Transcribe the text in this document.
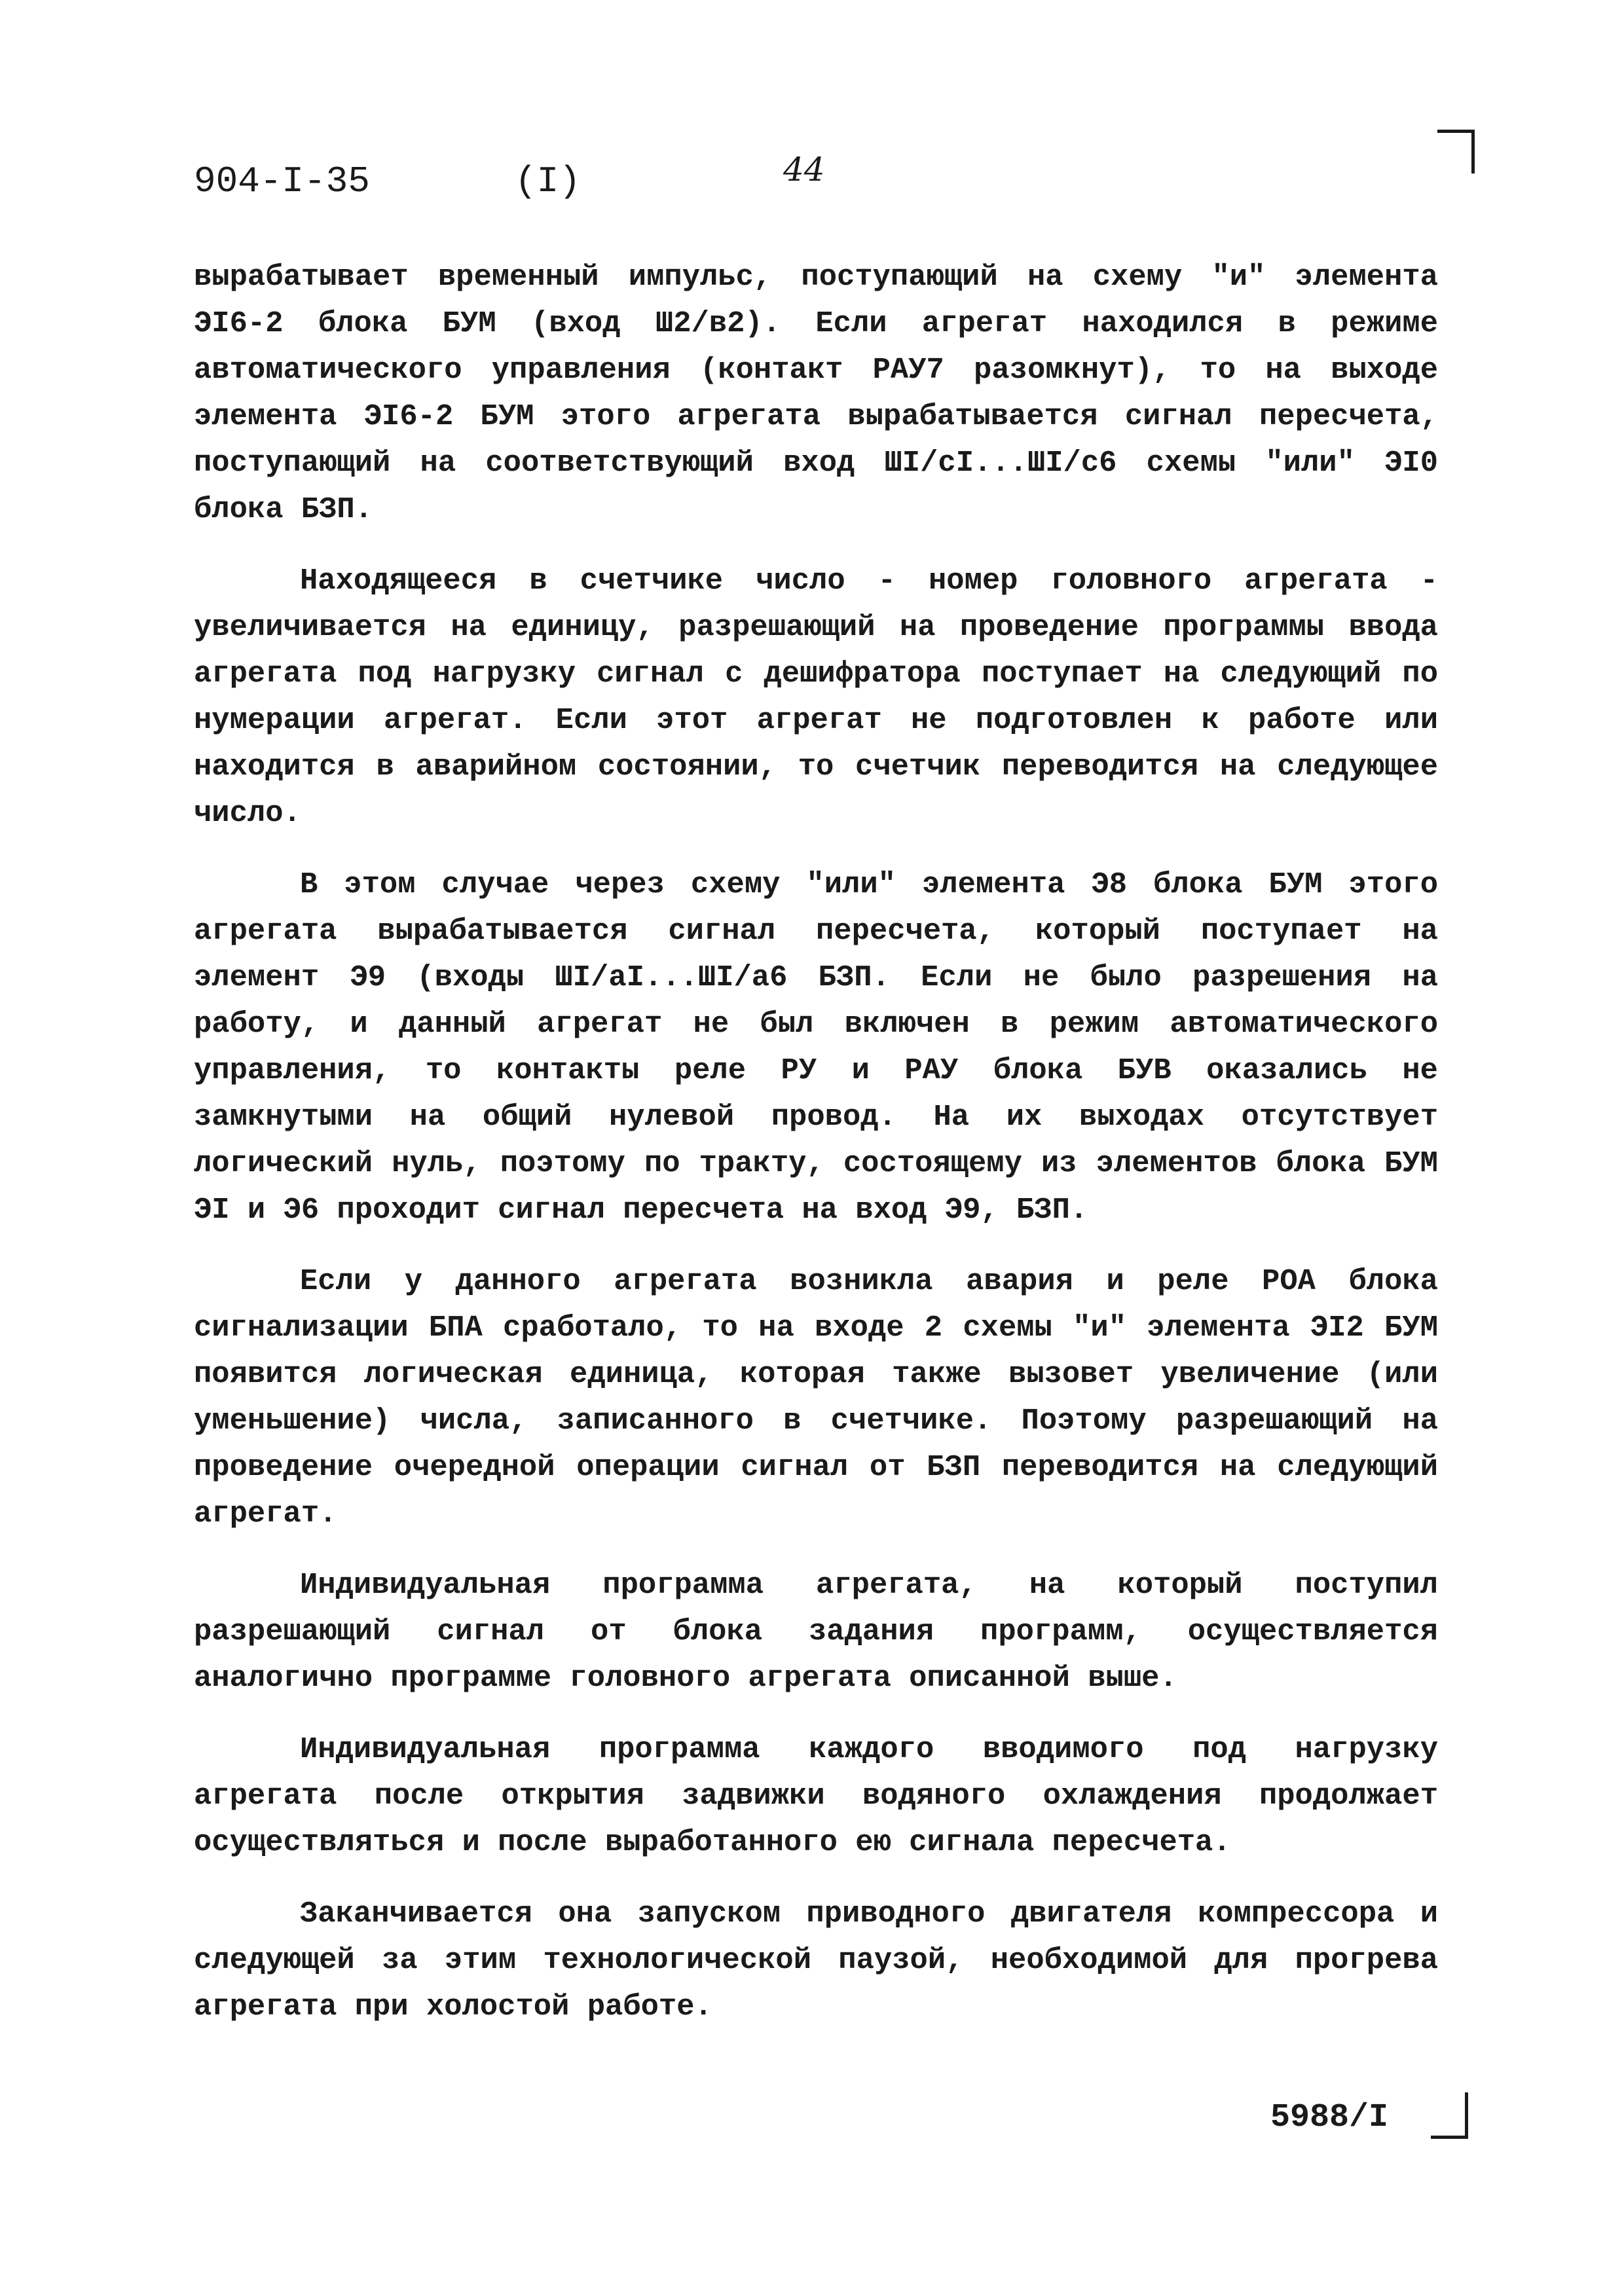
904-I-35	(I)	44

вырабатывает временный импульс, поступающий на схему "и" элемента ЭI6-2 блока БУМ (вход Ш2/в2). Если агрегат находился в режиме автоматического управления (контакт РАУ7 разомкнут), то на выходе элемента ЭI6-2 БУМ этого агрегата вырабатывается сигнал пересчета, поступающий на соответствующий вход ШI/cI...ШI/c6 схемы "или" ЭI0 блока БЗП.

Находящееся в счетчике число - номер головного агрегата - увеличивается на единицу, разрешающий на проведение программы ввода агрегата под нагрузку сигнал с дешифратора поступает на следующий по нумерации агрегат. Если этот агрегат не подготовлен к работе или находится в аварийном состоянии, то счетчик переводится на следующее число.

В этом случае через схему "или" элемента Э8 блока БУМ этого агрегата вырабатывается сигнал пересчета, который поступает на элемент Э9 (входы ШI/aI...ШI/a6 БЗП. Если не было разрешения на работу, и данный агрегат не был включен в режим автоматического управления, то контакты реле РУ и РАУ блока БУВ оказались не замкнутыми на общий нулевой провод. На их выходах отсутствует логический нуль, поэтому по тракту, состоящему из элементов блока БУМ ЭI и Э6 проходит сигнал пересчета на вход Э9, БЗП.

Если у данного агрегата возникла авария и реле РОА блока сигнализации БПА сработало, то на входе 2 схемы "и" элемента ЭI2 БУМ появится логическая единица, которая также вызовет увеличение (или уменьшение) числа, записанного в счетчике. Поэтому разрешающий на проведение очередной операции сигнал от БЗП переводится на следующий агрегат.

Индивидуальная программа агрегата, на который поступил разрешающий сигнал от блока задания программ, осуществляется аналогично программе головного агрегата описанной выше.

Индивидуальная программа каждого вводимого под нагрузку агрегата после открытия задвижки водяного охлаждения продолжает осуществляться и после выработанного ею сигнала пересчета.

Заканчивается она запуском приводного двигателя компрессора и следующей за этим технологической паузой, необходимой для прогрева агрегата при холостой работе.

5988/I
